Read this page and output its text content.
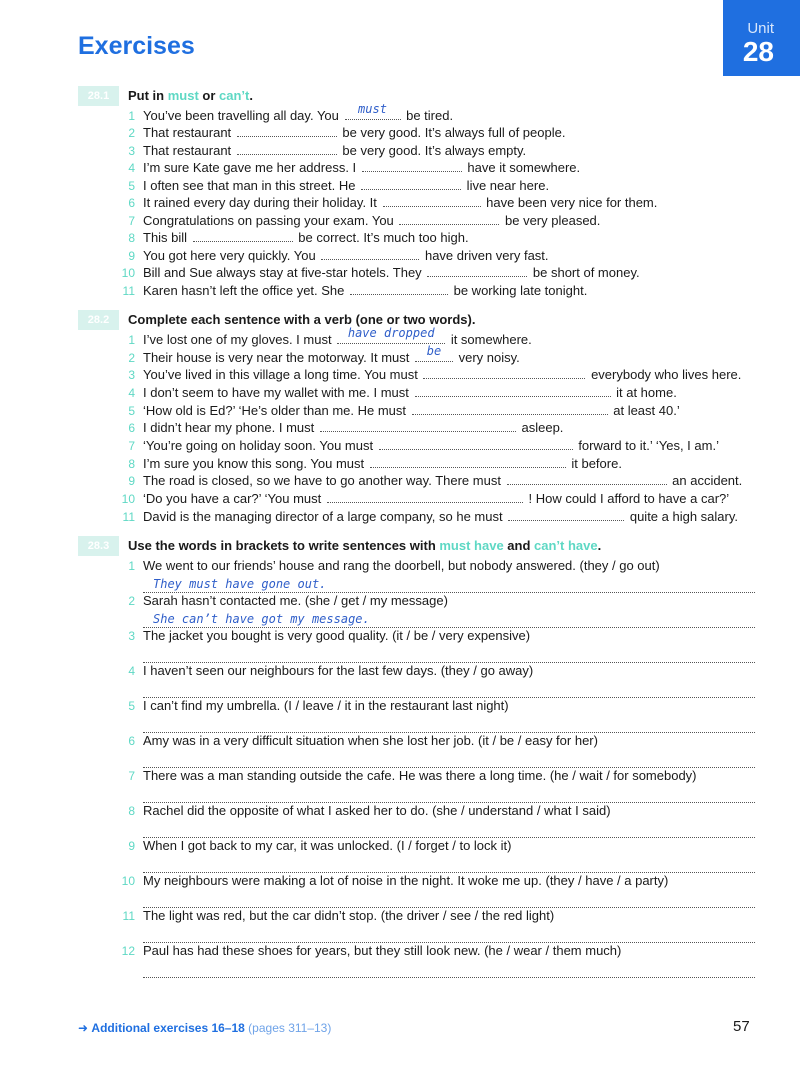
Exercises
Unit
28
28.1	Put in must or can’t.
1 You’ve been travelling all day. You	must	be tired.
2 That restaurant	be very good. It’s always full of people.
3 That restaurant	be very good. It’s always empty.
4 I’m sure Kate gave me her address. I	have it somewhere.
5 I often see that man in this street. He	live near here.
6 It rained every day during their holiday. It	have been very nice for them.
7 Congratulations on passing your exam. You	be very pleased.
8 This bill	be correct. It’s much too high.
9 You got here very quickly. You	have driven very fast.
10 Bill and Sue always stay at five-star hotels. They	be short of money.
11 Karen hasn’t left the office yet. She	be working late tonight.
28.2	Complete each sentence with a verb (one or two words).
1 I’ve lost one of my gloves. I must	have dropped it somewhere.
2 Their house is very near the motorway. It must	be	very noisy.
3 You’ve lived in this village a long time. You must	everybody who lives here.
4 I don’t seem to have my wallet with me. I must	it at home.
5 ‘How old is Ed?’ ‘He’s older than me. He must	at least 40.’
6 I didn’t hear my phone. I must	asleep.
7 ‘You’re going on holiday soon. You must	forward to it.’ ‘Yes, I am.’
8 I’m sure you know this song. You must	it before.
9 The road is closed, so we have to go another way. There must	an accident.
10 ‘Do you have a car?’ ‘You must	! How could I afford to have a car?’
11 David is the managing director of a large company, so he must	quite a high salary.
28.3	Use the words in brackets to write sentences with must have and can’t have.
1 We went to our friends’ house and rang the doorbell, but nobody answered. (they / go out)
They must have gone out.
2 Sarah hasn’t contacted me. (she / get / my message)
She can’t have got my message.
3 The jacket you bought is very good quality. (it / be / very expensive)
4 I haven’t seen our neighbours for the last few days. (they / go away)
5 I can’t find my umbrella. (I / leave / it in the restaurant last night)
6 Amy was in a very difficult situation when she lost her job. (it / be / easy for her)
7 There was a man standing outside the cafe. He was there a long time. (he / wait / for somebody)
8 Rachel did the opposite of what I asked her to do. (she / understand / what I said)
9 When I got back to my car, it was unlocked. (I / forget / to lock it)
10 My neighbours were making a lot of noise in the night. It woke me up. (they / have / a party)
11 The light was red, but the car didn’t stop. (the driver / see / the red light)
12 Paul has had these shoes for years, but they still look new. (he / wear / them much)
➜ Additional exercises 16–18 (pages 311–13)	57
